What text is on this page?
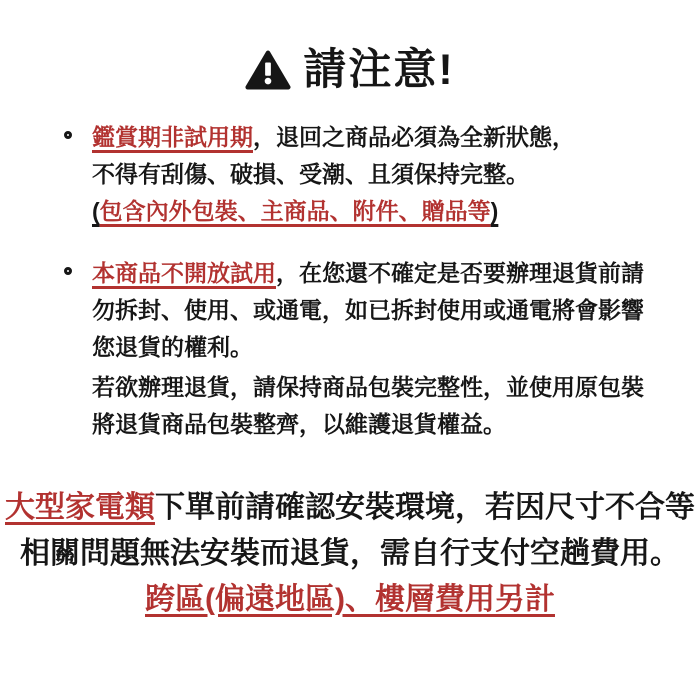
請注意!
鑑賞期非試用期，退回之商品必須為全新狀態，
不得有刮傷、破損、受潮、且須保持完整。
(包含內外包裝、主商品、附件、贈品等)
本商品不開放試用，在您還不確定是否要辦理退貨前請
勿拆封、使用、或通電，如已拆封使用或通電將會影響
您退貨的權利。
若欲辦理退貨，請保持商品包裝完整性，並使用原包裝
將退貨商品包裝整齊，以維護退貨權益。
大型家電類下單前請確認安裝環境，若因尺寸不合等
相關問題無法安裝而退貨，需自行支付空趟費用。
跨區(偏遠地區)、樓層費用另計
